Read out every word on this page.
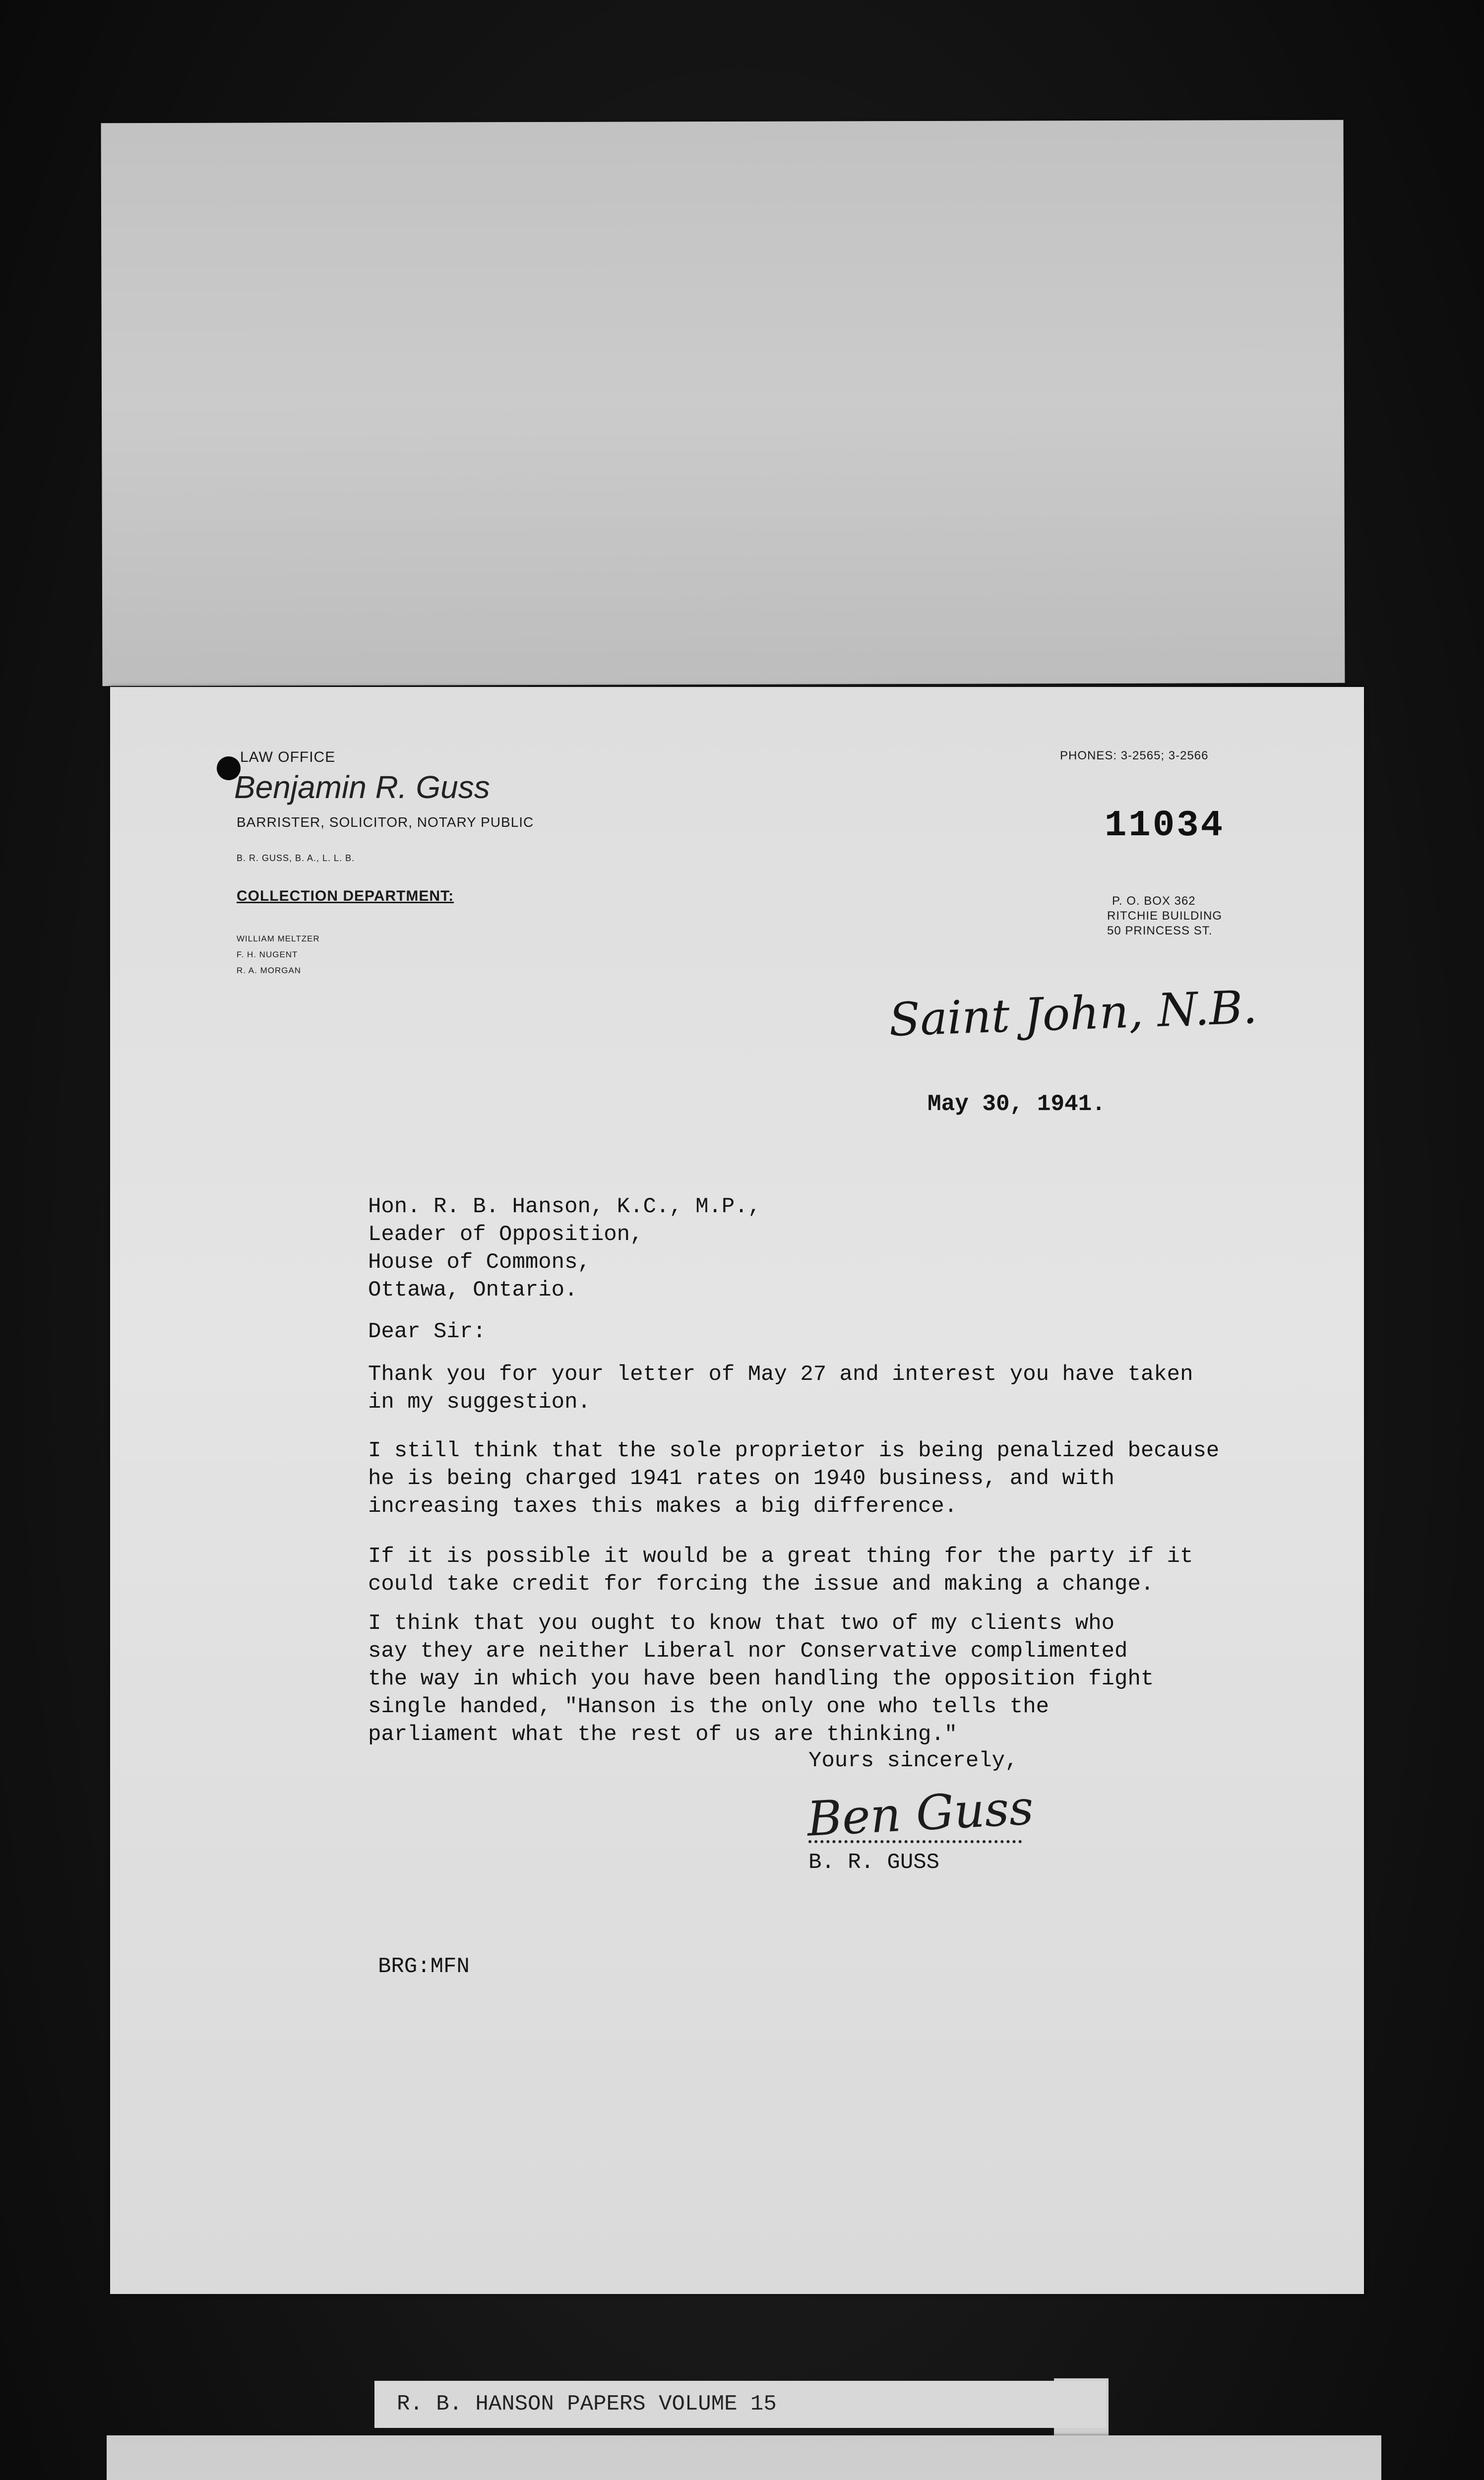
LAW OFFICE
Benjamin R. Guss
BARRISTER, SOLICITOR, NOTARY PUBLIC
B. R. GUSS, B. A., L. L. B.
COLLECTION DEPARTMENT:
WILLIAM MELTZER
F. H. NUGENT
R. A. MORGAN
PHONES: 3-2565; 3-2566
11034
P. O. BOX 362
RITCHIE BUILDING
50 PRINCESS ST.
Saint John, N.B.
May 30, 1941.
Hon. R. B. Hanson, K.C., M.P.,
Leader of Opposition,
House of Commons,
Ottawa, Ontario.
Dear Sir:
Thank you for your letter of May 27 and interest you have taken
in my suggestion.
I still think that the sole proprietor is being penalized because
he is being charged 1941 rates on 1940 business, and with
increasing taxes this makes a big difference.
If it is possible it would be a great thing for the party if it
could take credit for forcing the issue and making a change.
I think that you ought to know that two of my clients who
say they are neither Liberal nor Conservative complimented
the way in which you have been handling the opposition fight
single handed, "Hanson is the only one who tells the
parliament what the rest of us are thinking."
Yours sincerely,
Ben Guss
B. R. GUSS
BRG:MFN
R. B. HANSON PAPERS VOLUME 15
